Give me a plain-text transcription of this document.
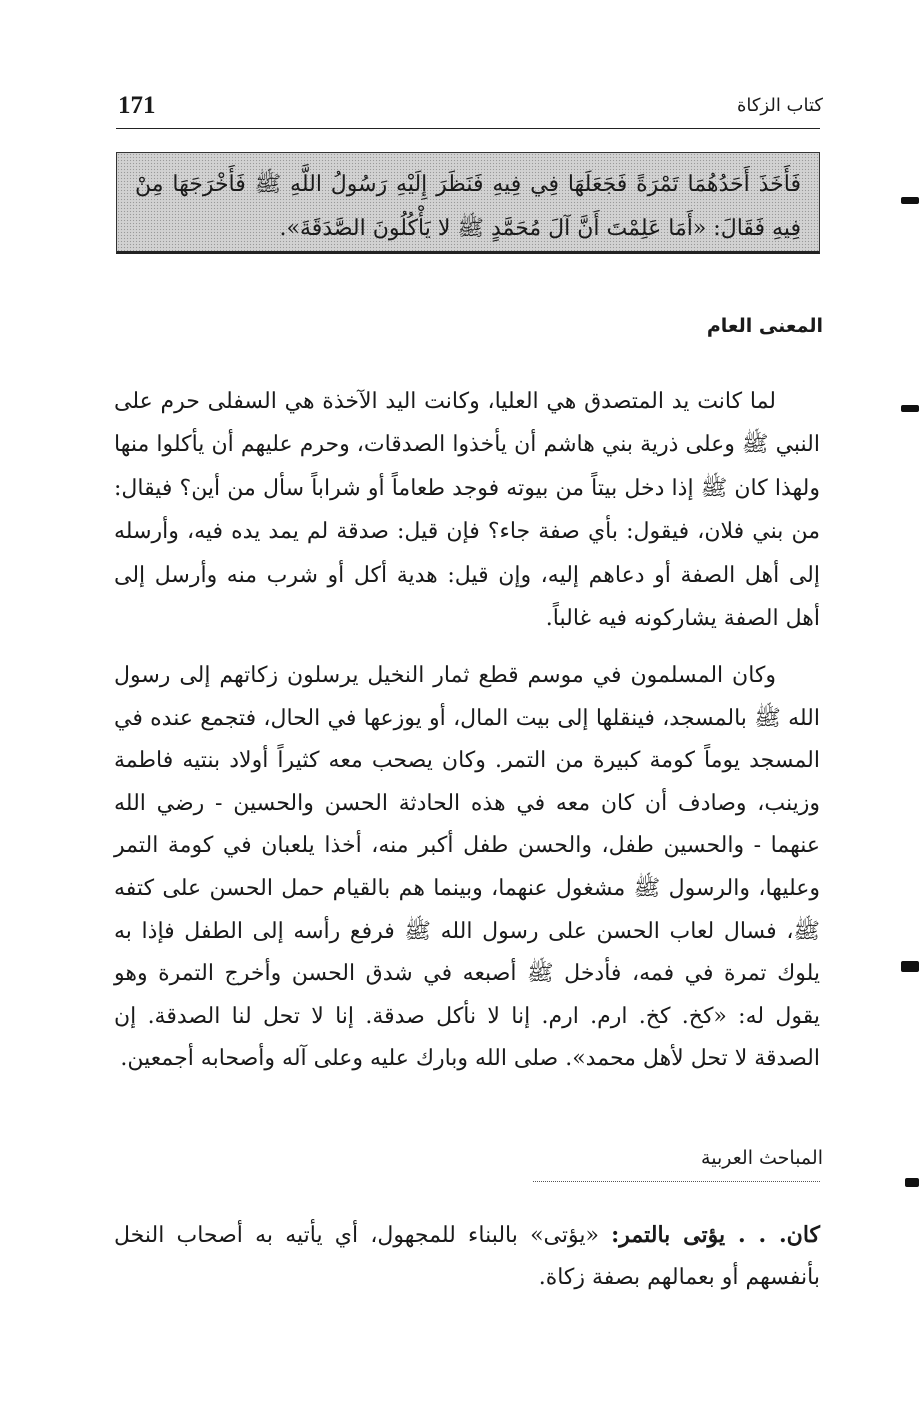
171	كتاب الزكاة
فَأَخَذَ أَحَدُهُمَا تَمْرَةً فَجَعَلَهَا فِي فِيهِ فَنَظَرَ إِلَيْهِ رَسُولُ اللَّهِ ﷺ فَأَخْرَجَهَا مِنْ فِيهِ فَقَالَ: «أَمَا عَلِمْتَ أَنَّ آلَ مُحَمَّدٍ ﷺ لا يَأْكُلُونَ الصَّدَقَةَ».
المعنى العام

لما كانت يد المتصدق هي العليا، وكانت اليد الآخذة هي السفلى حرم على النبي ﷺ وعلى ذرية بني هاشم أن يأخذوا الصدقات، وحرم عليهم أن يأكلوا منها ولهذا كان ﷺ إذا دخل بيتاً من بيوته فوجد طعاماً أو شراباً سأل من أين؟ فيقال: من بني فلان، فيقول: بأي صفة جاء؟ فإن قيل: صدقة لم يمد يده فيه، وأرسله إلى أهل الصفة أو دعاهم إليه، وإن قيل: هدية أكل أو شرب منه وأرسل إلى أهل الصفة يشاركونه فيه غالباً.

وكان المسلمون في موسم قطع ثمار النخيل يرسلون زكاتهم إلى رسول الله ﷺ بالمسجد، فينقلها إلى بيت المال، أو يوزعها في الحال، فتجمع عنده في المسجد يوماً كومة كبيرة من التمر. وكان يصحب معه كثيراً أولاد بنتيه فاطمة وزينب، وصادف أن كان معه في هذه الحادثة الحسن والحسين - رضي الله عنهما - والحسين طفل، والحسن طفل أكبر منه، أخذا يلعبان في كومة التمر وعليها، والرسول ﷺ مشغول عنهما، وبينما هم بالقيام حمل الحسن على كتفه ﷺ، فسال لعاب الحسن على رسول الله ﷺ فرفع رأسه إلى الطفل فإذا به يلوك تمرة في فمه، فأدخل ﷺ أصبعه في شدق الحسن وأخرج التمرة وهو يقول له: «كخ. كخ. ارم. ارم. إنا لا نأكل صدقة. إنا لا تحل لنا الصدقة. إن الصدقة لا تحل لأهل محمد». صلى الله وبارك عليه وعلى آله وأصحابه أجمعين.

المباحث العربية

كان. . . يؤتى بالتمر: «يؤتى» بالبناء للمجهول، أي يأتيه به أصحاب النخل بأنفسهم أو بعمالهم بصفة زكاة.
